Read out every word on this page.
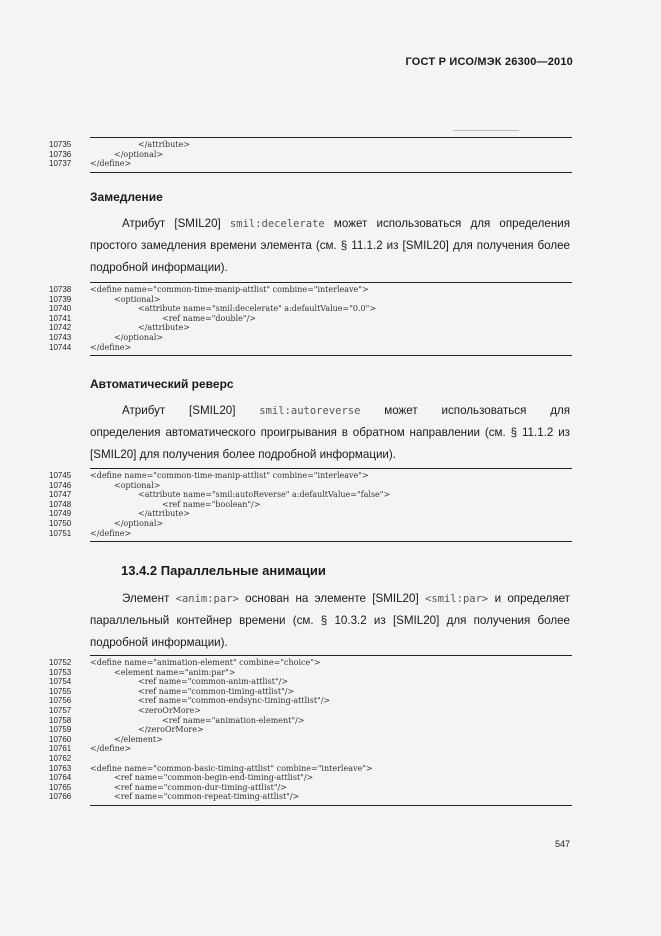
ГОСТ Р ИСО/МЭК 26300—2010
10735	</attribute>
10736	</optional>
10737	</define>
Замедление
Атрибут [SMIL20] smil:decelerate может использоваться для определения простого замедления времени элемента (см. § 11.1.2 из [SMIL20] для получения более подробной информации).
10738	<define name="common-time-manip-attlist" combine="interleave">
10739	<optional>
10740	<attribute name="smil:decelerate" a:defaultValue="0.0">
10741	<ref name="double"/>
10742	</attribute>
10743	</optional>
10744	</define>
Автоматический реверс
Атрибут [SMIL20] smil:autoreverse может использоваться для
определения автоматического проигрывания в обратном направлении (см. § 11.1.2 из [SMIL20] для получения более подробной информации).
10745	<define name="common-time-manip-attlist" combine="interleave">
10746	<optional>
10747	<attribute name="smil:autoReverse" a:defaultValue="false">
10748	<ref name="boolean"/>
10749	</attribute>
10750	</optional>
10751	</define>
13.4.2 Параллельные анимации
Элемент <anim:par> основан на элементе [SMIL20] <smil:par> и определяет параллельный контейнер времени (см. § 10.3.2 из [SMIL20] для получения более подробной информации).
10752	<define name="animation-element" combine="choice">
10753	<element name="anim:par">
10754	<ref name="common-anim-attlist"/>
10755	<ref name="common-timing-attlist"/>
10756	<ref name="common-endsync-timing-attlist"/>
10757	<zeroOrMore>
10758	<ref name="animation-element"/>
10759	</zeroOrMore>
10760	</element>
10761	</define>
10762
10763	<define name="common-basic-timing-attlist" combine="interleave">
10764	<ref name="common-begin-end-timing-attlist"/>
10765	<ref name="common-dur-timing-attlist"/>
10766	<ref name="common-repeat-timing-attlist"/>
547
